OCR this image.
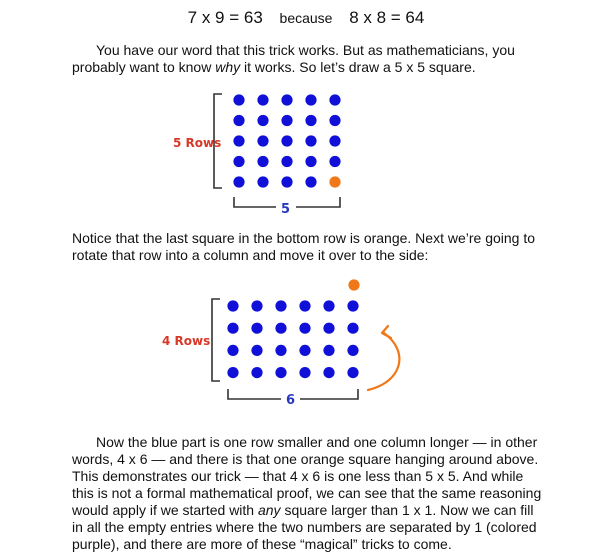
7 x 9 = 63 because 8 x 8 = 64
You have our word that this trick works. But as mathematicians, you probably want to know why it works. So let’s draw a 5 x 5 square.
5 Rows
5
Notice that the last square in the bottom row is orange. Next we’re going to rotate that row into a column and move it over to the side:
4 Rows
6
Now the blue part is one row smaller and one column longer — in other words, 4 x 6 — and there is that one orange square hanging around above. This demonstrates our trick — that 4 x 6 is one less than 5 x 5. And while this is not a formal mathematical proof, we can see that the same reasoning would apply if we started with any square larger than 1 x 1. Now we can fill in all the empty entries where the two numbers are separated by 1 (colored purple), and there are more of these “magical” tricks to come.
